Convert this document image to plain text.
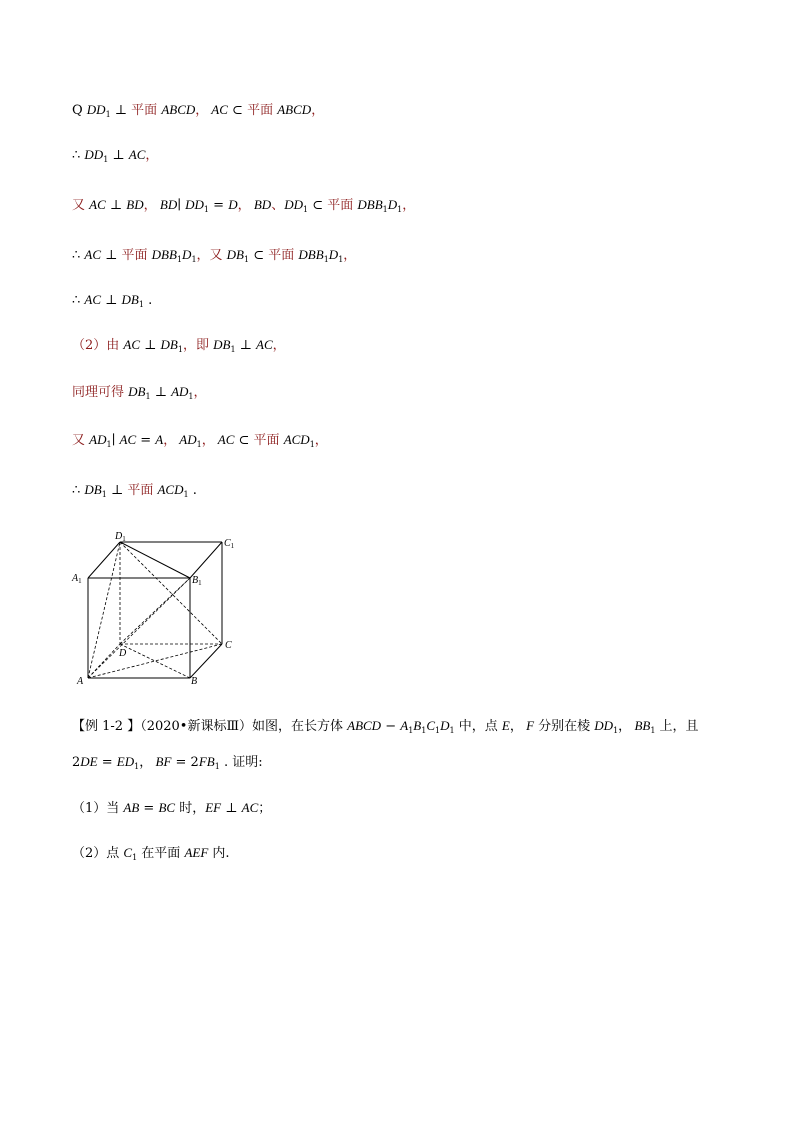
Q $DD_1$ ⊥ 平面 ABCD， AC ⊂ 平面 ABCD，
∴ $DD_1$ ⊥ AC，
又 AC ⊥ BD， BD∣ $DD_1 = D$， BD、$DD_1$ ⊂ 平面 $DBB_1D_1$，
∴ AC ⊥ 平面 $DBB_1D_1$，又 $DB_1$ ⊂ 平面 $DBB_1D_1$，
∴ AC ⊥ $DB_1$ .
（2）由 AC ⊥ $DB_1$，即 $DB_1$ ⊥ AC，
同理可得 $DB_1$ ⊥ $AD_1$，
又 $AD_1∣$ AC = A， $AD_1$， AC ⊂ 平面 $ACD_1$，
∴ $DB_1$ ⊥ 平面 $ACD_1$ .
$D_1$	$C_1$
$A_1$	$B_1$
D
C
A	B
【例 1-2 】（2020•新课标Ⅲ）如图，在长方体 ABCD − $A_1B_1C_1D_1$ 中，点 E， F 分别在棱 $DD_1$， $BB_1$ 上，且
$2DE = ED_1$， BF = $2FB_1$ . 证明:
（1）当 AB = BC 时，EF ⊥ AC；
（2）点 $C_1$ 在平面 AEF 内.
